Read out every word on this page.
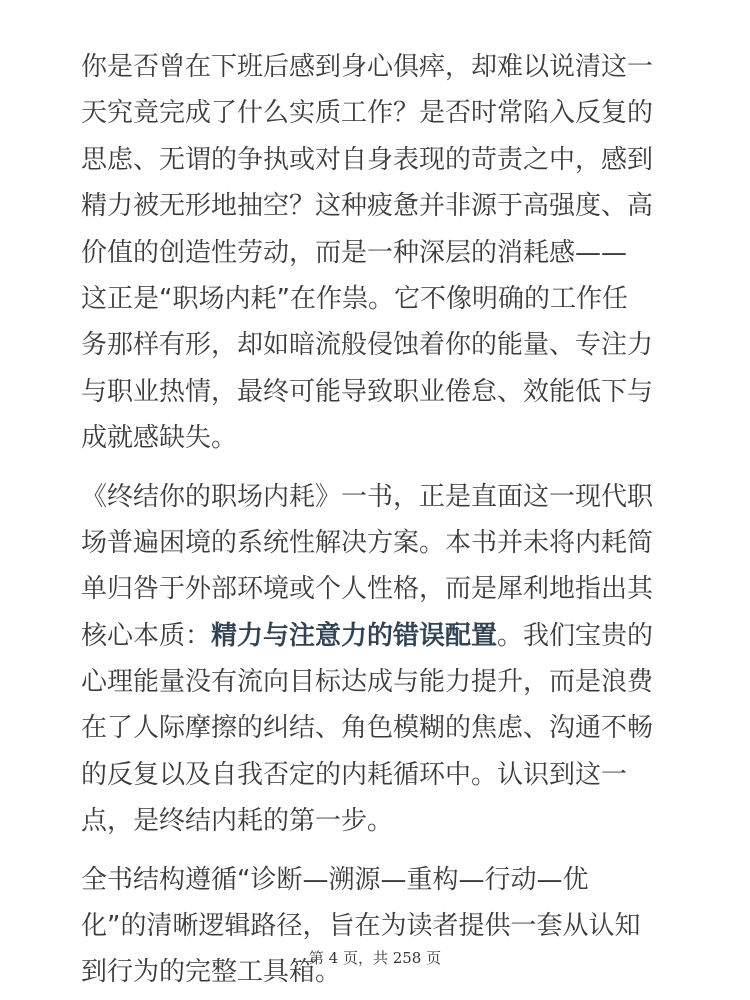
你是否曾在下班后感到身心俱瘁，却难以说清这一
天究竟完成了什么实质工作？是否时常陷入反复的
思虑、无谓的争执或对自身表现的苛责之中，感到
精力被无形地抽空？这种疲惫并非源于高强度、高
价值的创造性劳动，而是一种深层的消耗感——
这正是“职场内耗”在作祟。它不像明确的工作任
务那样有形，却如暗流般侵蚀着你的能量、专注力
与职业热情，最终可能导致职业倦怠、效能低下与
成就感缺失。
《终结你的职场内耗》一书，正是直面这一现代职
场普遍困境的系统性解决方案。本书并未将内耗简
单归咎于外部环境或个人性格，而是犀利地指出其
核心本质：精力与注意力的错误配置。我们宝贵的
心理能量没有流向目标达成与能力提升，而是浪费
在了人际摩擦的纠结、角色模糊的焦虑、沟通不畅
的反复以及自我否定的内耗循环中。认识到这一
点，是终结内耗的第一步。
全书结构遵循“诊断—溯源—重构—行动—优
化”的清晰逻辑路径，旨在为读者提供一套从认知
到行为的完整工具箱。
第 4 页，共 258 页
